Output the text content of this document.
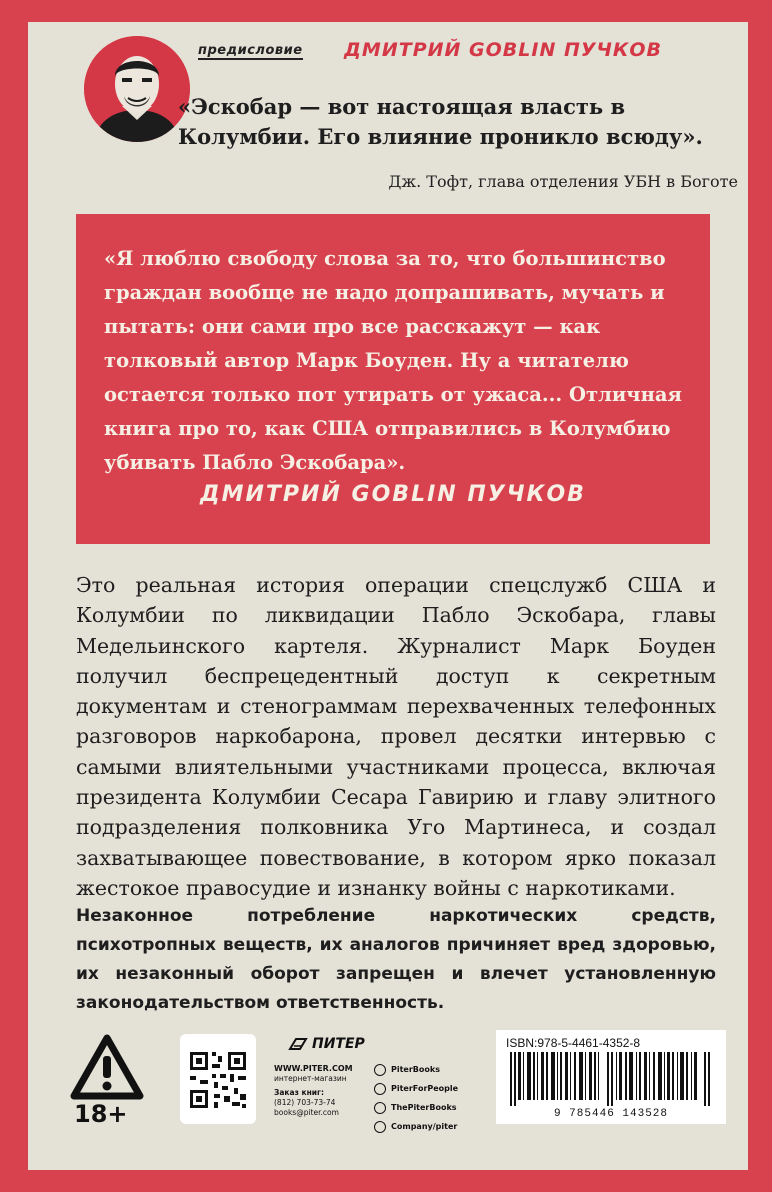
предисловие ДМИТРИЙ GOBLIN ПУЧКОВ
«Эскобар — вот настоящая власть в Колумбии. Его влияние проникло всюду».
Дж. Тофт, глава отделения УБН в Боготе
«Я люблю свободу слова за то, что большинство граждан вообще не надо допрашивать, мучать и пытать: они сами про все расскажут — как толковый автор Марк Боуден. Ну а читателю остается только пот утирать от ужаса... Отличная книга про то, как США отправились в Колумбию убивать Пабло Эскобара».
ДМИТРИЙ GOBLIN ПУЧКОВ
Это реальная история операции спецслужб США и Колумбии по ликвидации Пабло Эскобара, главы Медельинского картеля. Журналист Марк Боуден получил беспрецедентный доступ к секретным документам и стенограммам перехваченных телефонных разговоров наркобарона, провел десятки интервью с самыми влиятельными участниками процесса, включая президента Колумбии Сесара Гавирию и главу элитного подразделения полковника Уго Мартинеса, и создал захватывающее повествование, в котором ярко показал жестокое правосудие и изнанку войны с наркотиками.
Незаконное потребление наркотических средств, психотропных веществ, их аналогов причиняет вред здоровью, их незаконный оборот запрещен и влечет установленную законодательством ответственность.
18+
ПИТЕР
WWW.PITER.COM
интернет-магазин
Заказ книг:
(812) 703-73-74
books@piter.com
PiterBooks
PiterForPeople
ThePiterBooks
Company/piter
ISBN:978-5-4461-4352-8
9 785446 143528
